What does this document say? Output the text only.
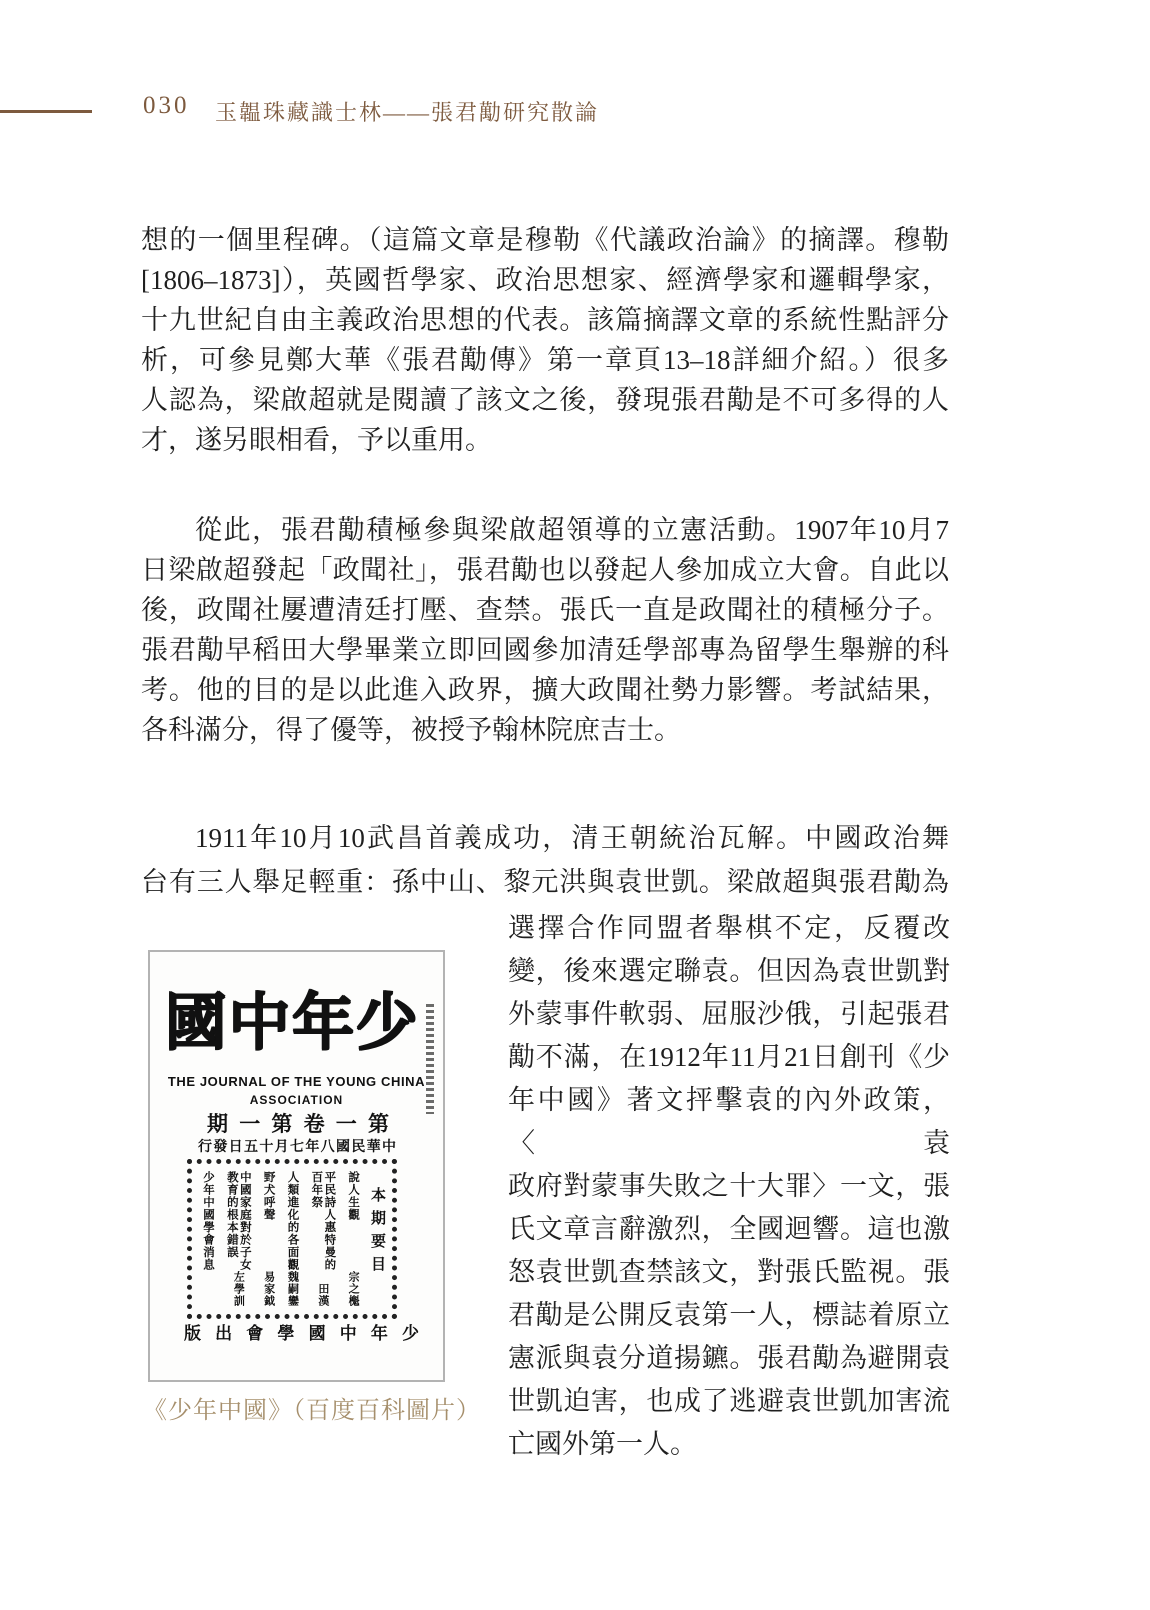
030 玉韞珠藏識士林——張君勱研究散論
想的一個里程碑。（這篇文章是穆勒《代議政治論》的摘譯。穆勒
[1806–1873]），英國哲學家、政治思想家、經濟學家和邏輯學家，
十九世紀自由主義政治思想的代表。該篇摘譯文章的系統性點評分
析，可參見鄭大華《張君勱傳》第一章頁13–18詳細介紹。）很多
人認為，梁啟超就是閱讀了該文之後，發現張君勱是不可多得的人
才，遂另眼相看，予以重用。
從此，張君勱積極參與梁啟超領導的立憲活動。1907年10月7
日梁啟超發起「政聞社」，張君勱也以發起人參加成立大會。自此以
後，政聞社屢遭清廷打壓、查禁。張氏一直是政聞社的積極分子。
張君勱早稻田大學畢業立即回國參加清廷學部專為留學生舉辦的科
考。他的目的是以此進入政界，擴大政聞社勢力影響。考試結果，
各科滿分，得了優等，被授予翰林院庶吉士。
1911年10月10武昌首義成功，清王朝統治瓦解。中國政治舞
台有三人舉足輕重：孫中山、黎元洪與袁世凱。梁啟超與張君勱為
選擇合作同盟者舉棋不定，反覆改
變，後來選定聯袁。但因為袁世凱對
外蒙事件軟弱、屈服沙俄，引起張君
勱不滿，在1912年11月21日創刊《少
年中國》著文抨擊袁的內外政策，〈袁
政府對蒙事失敗之十大罪〉一文，張
氏文章言辭激烈，全國迴響。這也激
怒袁世凱查禁該文，對張氏監視。張
君勱是公開反袁第一人，標誌着原立
憲派與袁分道揚鑣。張君勱為避開袁
世凱迫害，也成了逃避袁世凱加害流
亡國外第一人。
國中年少
THE JOURNAL OF THE YOUNG CHINA
ASSOCIATION
期一第卷一第
行發日五十月七年八國民華中
本期要目
說人生觀
宗之櫆
平民詩人惠特曼的百年祭
田漢
人類進化的各面觀
魏嗣鑾
野犬呼聲
易家鉞
中國家庭對於子女教育的根本錯誤
左學訓
少年中國學會消息
版出會學國中年少
《少年中國》（百度百科圖片）
